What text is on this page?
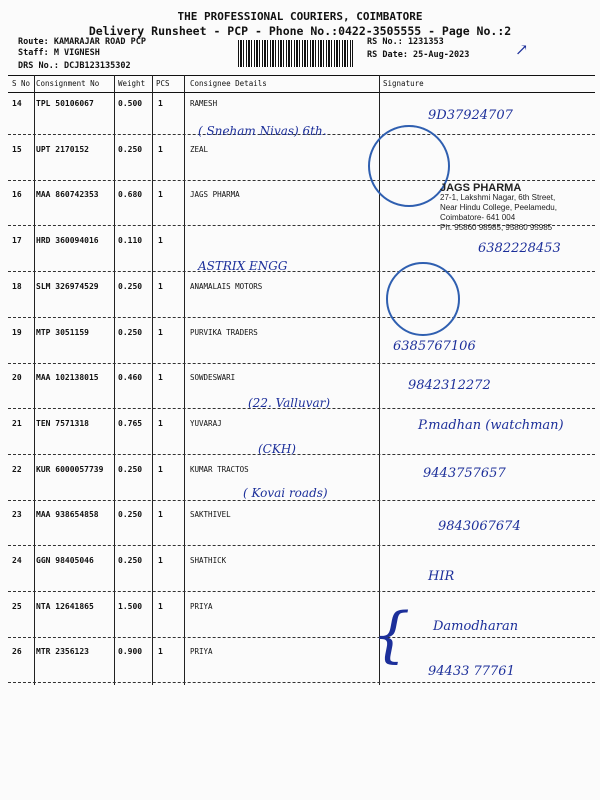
THE PROFESSIONAL COURIERS, COIMBATORE
Delivery Runsheet - PCP - Phone No.:0422-3505555 - Page No.:2
Route: KAMARAJAR ROAD PCP
Staff: M VIGNESH
DRS No.: DCJB123135302
RS No.: 1231353
RS Date: 25-Aug-2023	↗
S No Consignment No	Weight PCS	Consignee Details	Signature
14 TPL 50106067	0.500 1	RAMESH
( Sneham Nivas) 6th.
9D37924707
15 UPT 2170152	0.250 1	ZEAL
16 MAA 860742353 0.680 1	JAGS PHARMA
17 HRD 360094016 0.110 1
ASTRIX ENGG
6382228453
18 SLM 326974529 0.250 1	ANAMALAIS MOTORS
19 MTP 3051159	0.250 1	PURVIKA TRADERS
6385767106
20 MAA 102138015 0.460 1	SOWDESWARI
(22. Valluvar)
9842312272
21 TEN 7571318	0.765 1	YUVARAJ
(CKH)
P.madhan (watchman)
22 KUR 6000057739 0.250 1	KUMAR TRACTOS
( Kovai roads)
9443757657
23 MAA 938654858 0.250 1	SAKTHIVEL
9843067674
24 GGN 98405046	0.250 1	SHATHICK
HIR
25 NTA 12641865	1.500 1	PRIYA
Damodharan
26 MTR 2356123	0.900 1	PRIYA
94433 77761
JAGS PHARMA
27-1, Lakshmi Nagar, 6th Street,
Near Hindu College, Peelamedu,
Coimbatore- 641 004
Ph. 95860 98985, 95860 95985
{
